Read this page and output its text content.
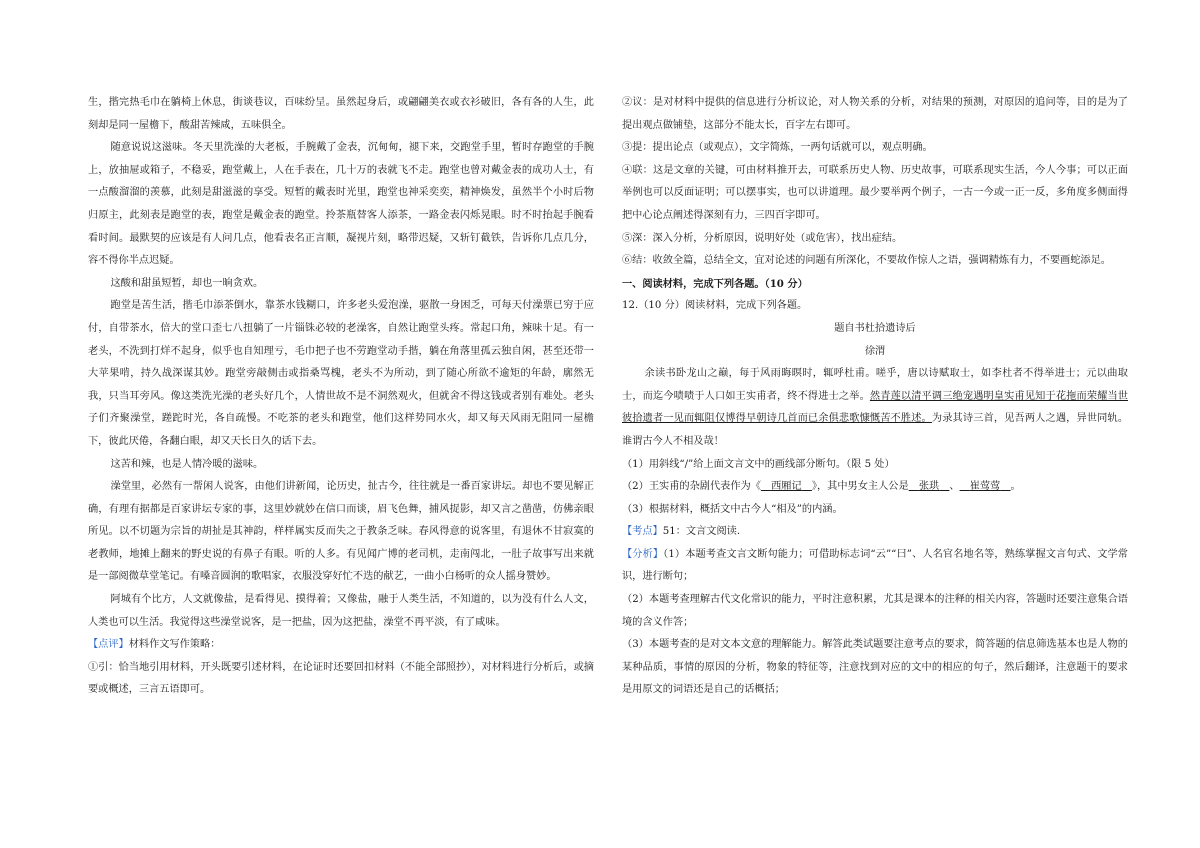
生，揩完热毛巾在躺椅上休息，街谈巷议，百味纷呈。虽然起身后，或翩翩美衣或衣衫破旧，各有各的人生，此刻却是同一屋檐下，酸甜苦辣咸，五味俱全。

随意说说这滋味。冬天里洗澡的大老板，手腕戴了金表，沉甸甸，褪下来，交跑堂手里，暂时存跑堂的手腕上，放抽屉或箱子，不稳妥，跑堂戴上，人在手表在，几十万的表就飞不走。跑堂也曾对戴金表的成功人士，有一点酸溜溜的羡慕，此刻是甜滋滋的享受。短暂的戴表时光里，跑堂也神采奕奕，精神焕发，虽然半个小时后物归原主，此刻表是跑堂的表，跑堂是戴金表的跑堂。拎茶瓶替客人添茶，一路金表闪烁晃眼。时不时抬起手腕看看时间。最默契的应该是有人问几点，他看表名正言顺，凝视片刻，略带迟疑，又斩钉截铁，告诉你几点几分，容不得你半点迟疑。

这酸和甜虽短暂，却也一晌贪欢。

跑堂是苦生活，揩毛巾添茶倒水，靠茶水钱糊口，许多老头爱泡澡，驱散一身困乏，可每天付澡票已穷于应付，自带茶水，倍大的堂口歪七八扭躺了一片锱铢必较的老澡客，自然让跑堂头疼。常起口角，辣味十足。有一老头，不洗到打烊不起身，似乎也自知理亏，毛巾把子也不劳跑堂动手揩，躺在角落里孤云独自闲，甚至还带一大苹果啃，持久战深谋其妙。跑堂旁敲侧击或指桑骂槐，老头不为所动，到了随心所欲不逾矩的年龄，廓然无我，只当耳旁风。像这类洗光澡的老头好几个，人情世故不是不洞然观火，但就舍不得这钱或者别有难处。老头子们齐聚澡堂，蹉跎时光，各自疏慢。不吃茶的老头和跑堂，他们这样势同水火，却又每天风雨无阻同一屋檐下，彼此厌倦，各翻白眼，却又天长日久的话下去。

这苦和辣，也是人情冷暖的滋味。

澡堂里，必然有一帮闲人说客，由他们讲新闻，论历史，扯古今，往往就是一番百家讲坛。却也不要见解正确，有理有据都是百家讲坛专家的事，这里妙就妙在信口而谈，眉飞色舞，捕风捉影，却又言之凿凿，仿佛亲眼所见。以不切题为宗旨的胡扯是其神韵，样样属实反而失之于教条乏味。春风得意的说客里，有退休不甘寂寞的老教师，地摊上翻来的野史说的有鼻子有眼。听的人多。有见闻广博的老司机，走南闯北，一肚子故事写出来就是一部阅微草堂笔记。有嗓音圆润的歌唱家，衣服没穿好忙不迭的献艺，一曲小白杨听的众人摇身赞妙。

阿城有个比方，人文就像盐，是看得见、摸得着；又像盐，融于人类生活，不知道的，以为没有什么人文，人类也可以生活。我觉得这些澡堂说客，是一把盐，因为这把盐，澡堂不再平淡，有了咸味。

【点评】材料作文写作策略：

①引：恰当地引用材料，开头既要引述材料，在论证时还要回扣材料（不能全部照抄），对材料进行分析后，或摘要或概述，三言五语即可。

②议：是对材料中提供的信息进行分析议论，对人物关系的分析，对结果的预测，对原因的追问等，目的是为了提出观点做铺垫，这部分不能太长，百字左右即可。

③提：提出论点（或观点），文字简炼，一两句话就可以，观点明确。

④联：这是文章的关键，可由材料推开去，可联系历史人物、历史故事，可联系现实生活，今人今事；可以正面举例也可以反面证明；可以摆事实，也可以讲道理。最少要举两个例子，一古一今或一正一反，多角度多侧面得把中心论点阐述得深刻有力，三四百字即可。

⑤深：深入分析，分析原因，说明好处（或危害），找出症结。

⑥结：收敛全篇，总结全文，宜对论述的问题有所深化，不要故作惊人之语，强调精炼有力，不要画蛇添足。

一、阅读材料，完成下列各题。（10 分）

12.（10 分）阅读材料，完成下列各题。

题自书杜拾遗诗后

徐渭

余读书卧龙山之巅，每于风雨晦暝时，辄呼杜甫。嗟乎，唐以诗赋取士，如李杜者不得举进士；元以曲取士，而迄今啧啧于人口如王实甫者，终不得进士之举。然青莲以清平调三绝宠遇明皇实甫见知于花拖而荣耀当世彼拾遗者一见而辄阻仅博得早朝诗几首而已余俱悲歌慷慨苦不胜述。为录其诗三首，见吾两人之遇，异世同轨。谁谓古今人不相及哉！

（1）用斜线“/”给上面文言文中的画线部分断句。（限 5 处）

（2）王实甫的杂剧代表作为《  西厢记  》，其中男女主人公是  张珙  、  崔莺莺  。

（3）根据材料，概括文中古今人“相及”的内涵。

【考点】51：文言文阅读.

【分析】（1）本题考查文言文断句能力；可借助标志词“云”“曰”、人名官名地名等，熟练掌握文言句式、文学常识，进行断句；

（2）本题考查理解古代文化常识的能力，平时注意积累，尤其是课本的注释的相关内容，答题时还要注意集合语境的含义作答；

（3）本题考查的是对文本文意的理解能力。解答此类试题要注意考点的要求，简答题的信息筛选基本也是人物的某种品质，事情的原因的分析，物象的特征等，注意找到对应的文中的相应的句子，然后翻译，注意题干的要求是用原文的词语还是自己的话概括；
